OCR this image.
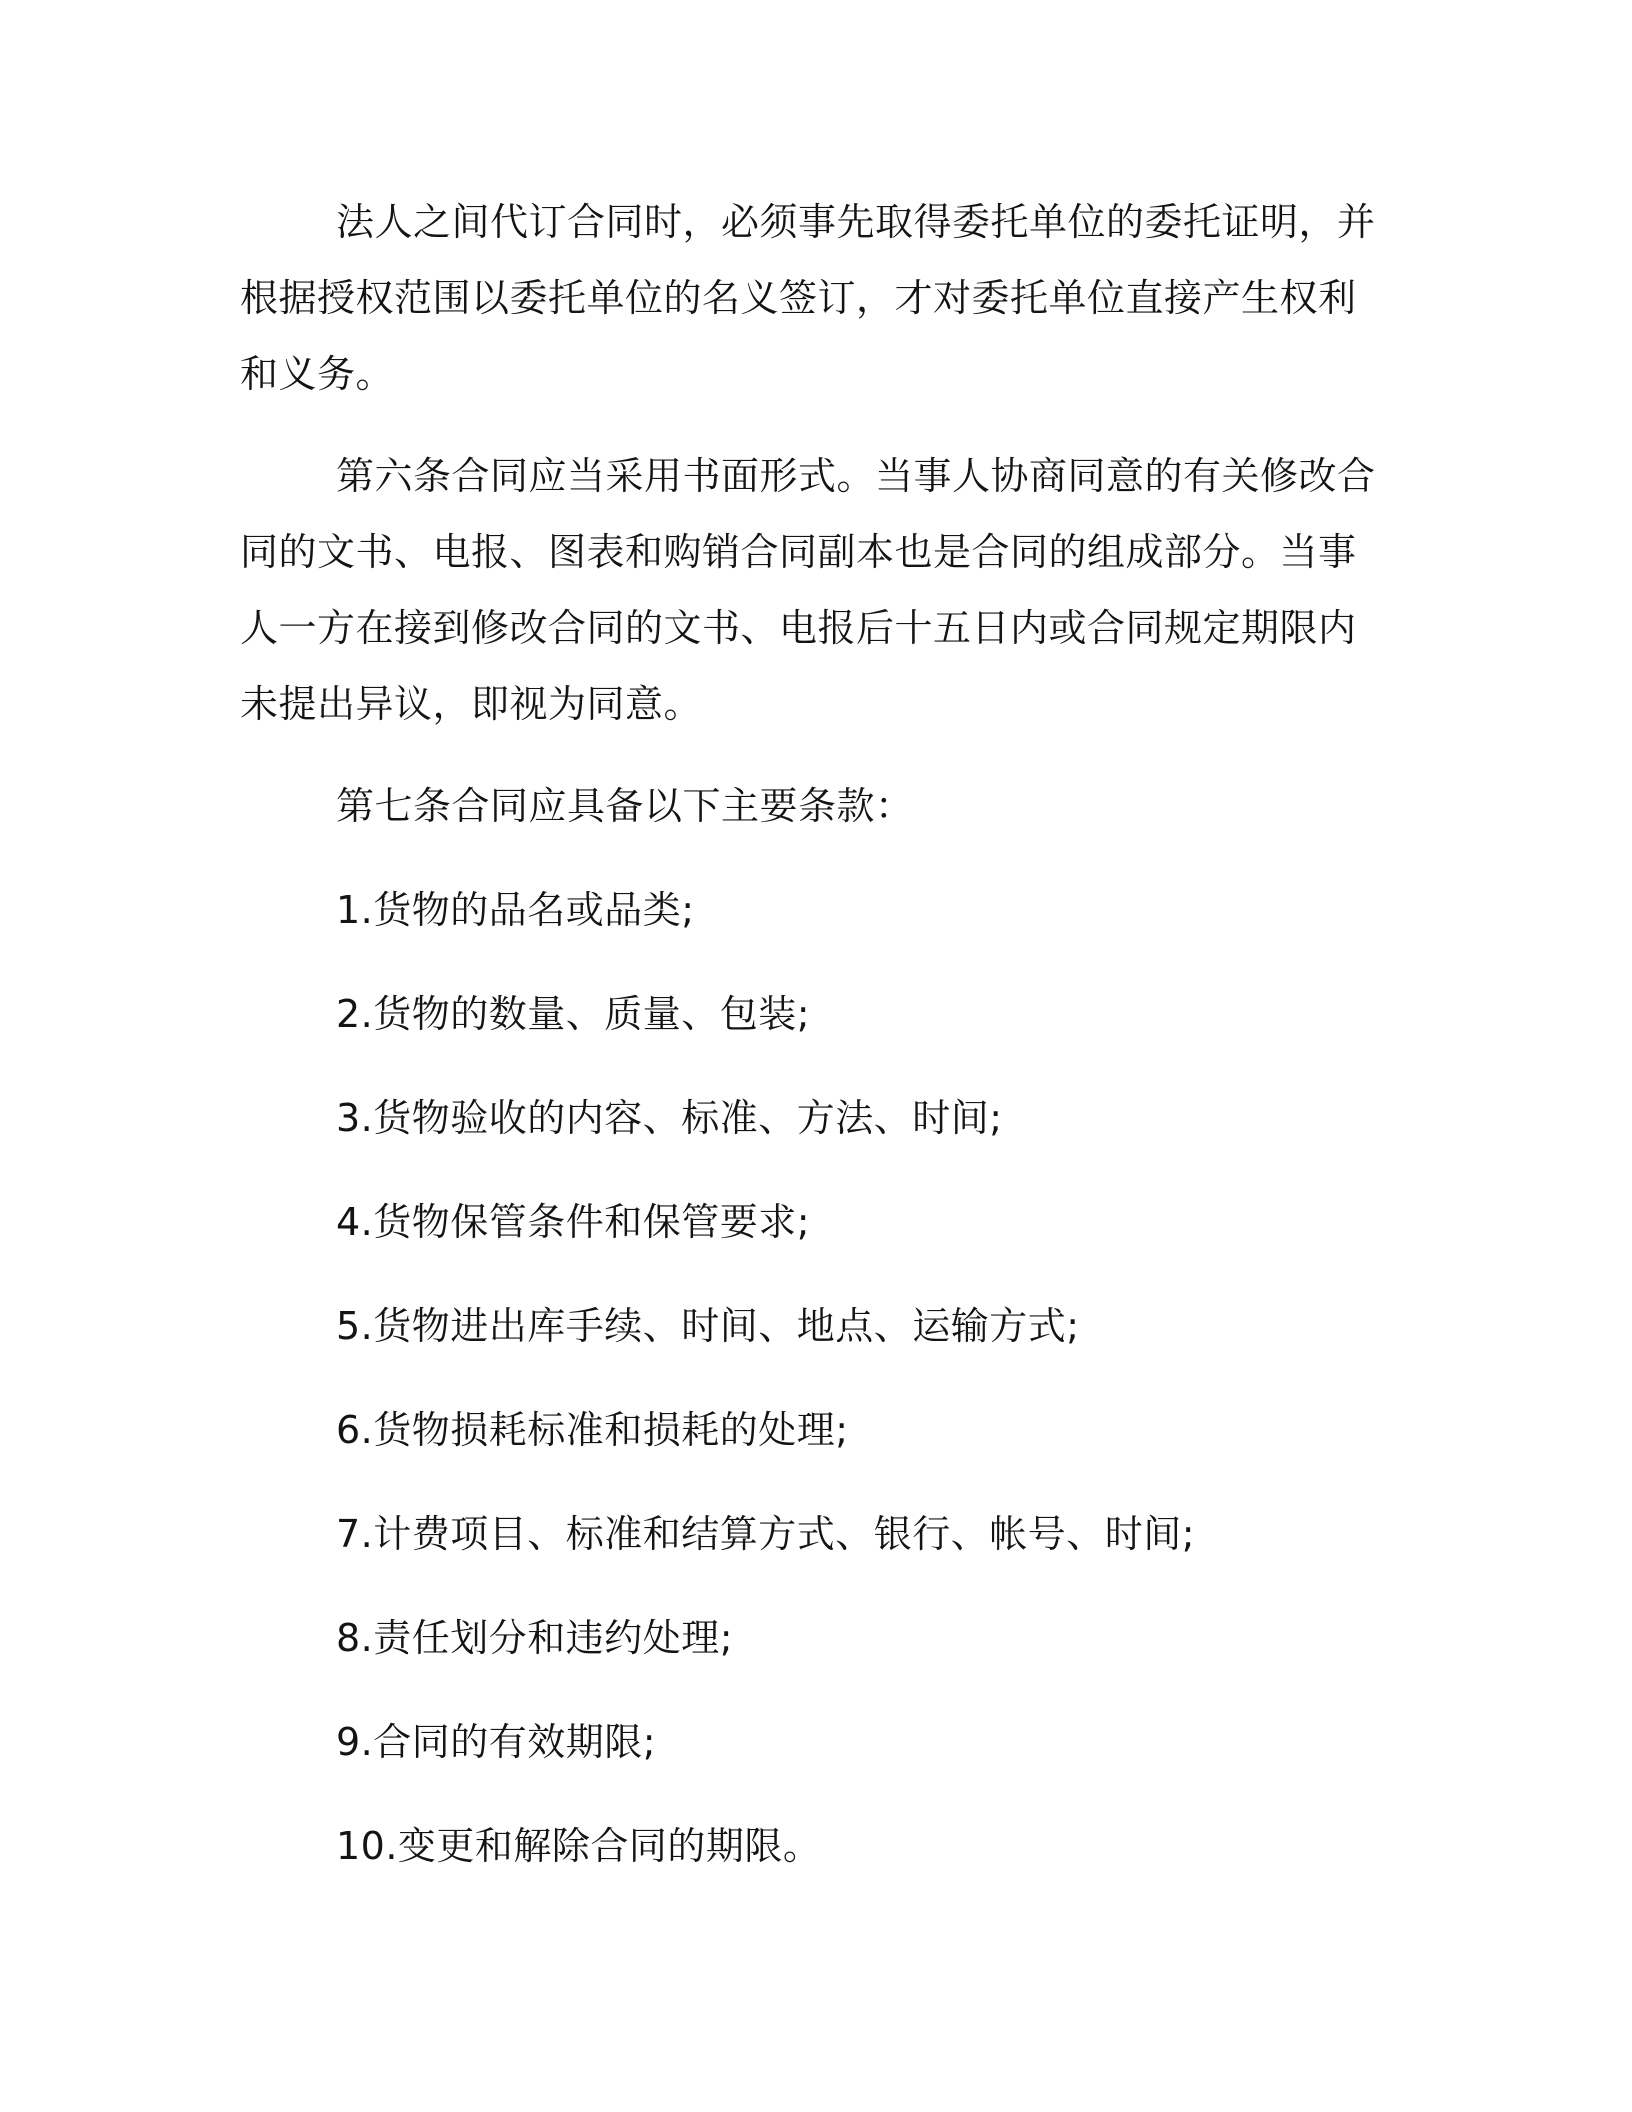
法人之间代订合同时，必须事先取得委托单位的委托证明，并根据授权范围以委托单位的名义签订，才对委托单位直接产生权利和义务。

第六条合同应当采用书面形式。当事人协商同意的有关修改合同的文书、电报、图表和购销合同副本也是合同的组成部分。当事人一方在接到修改合同的文书、电报后十五日内或合同规定期限内未提出异议，即视为同意。

第七条合同应具备以下主要条款：

1.货物的品名或品类;
2.货物的数量、质量、包装;
3.货物验收的内容、标准、方法、时间;
4.货物保管条件和保管要求;
5.货物进出库手续、时间、地点、运输方式;
6.货物损耗标准和损耗的处理;
7.计费项目、标准和结算方式、银行、帐号、时间;
8.责任划分和违约处理;
9.合同的有效期限;
10.变更和解除合同的期限。
